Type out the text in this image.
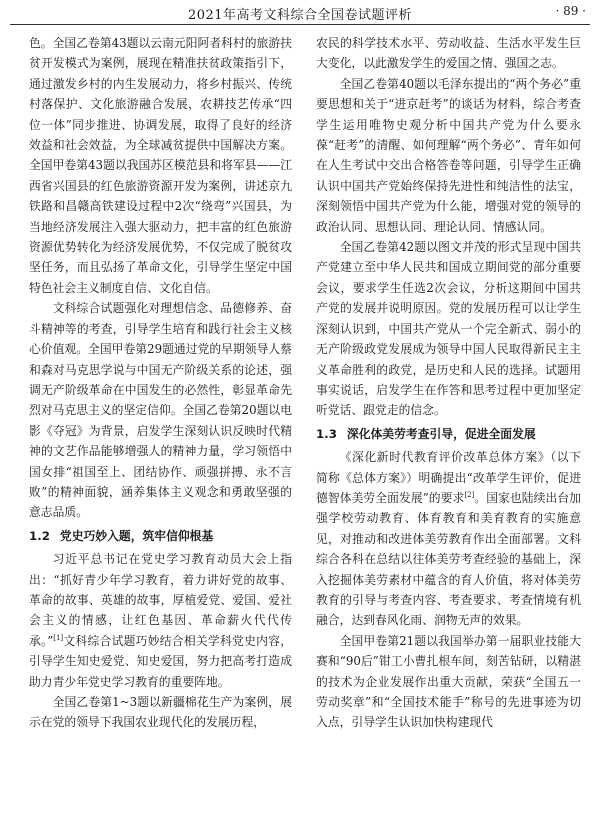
2021年高考文科综合全国卷试题评析	· 89 ·

色。全国乙卷第43题以云南元阳阿者科村的旅游扶贫开发模式为案例，展现在精准扶贫政策指引下，通过激发乡村的内生发展动力，将乡村振兴、传统村落保护、文化旅游融合发展，农耕技艺传承“四位一体”同步推进、协调发展，取得了良好的经济效益和社会效益，为全球减贫提供中国解决方案。全国甲卷第43题以我国苏区模范县和将军县——江西省兴国县的红色旅游资源开发为案例，讲述京九铁路和昌赣高铁建设过程中2次“绕弯”兴国县，为当地经济发展注入强大驱动力，把丰富的红色旅游资源优势转化为经济发展优势，不仅完成了脱贫攻坚任务，而且弘扬了革命文化，引导学生坚定中国特色社会主义制度自信、文化自信。

文科综合试题强化对理想信念、品德修养、奋斗精神等的考查，引导学生培育和践行社会主义核心价值观。全国甲卷第29题通过党的早期领导人蔡和森对马克思学说与中国无产阶级关系的论述，强调无产阶级革命在中国发生的必然性，彰显革命先烈对马克思主义的坚定信仰。全国乙卷第20题以电影《夺冠》为背景，启发学生深刻认识反映时代精神的文艺作品能够增强人的精神力量，学习领悟中国女排“祖国至上、团结协作、顽强拼搏、永不言败”的精神面貌，涵养集体主义观念和勇敢坚强的意志品质。

1.2 党史巧妙入题，筑牢信仰根基

习近平总书记在党史学习教育动员大会上指出：“抓好青少年学习教育，着力讲好党的故事、革命的故事、英雄的故事，厚植爱党、爱国、爱社会主义的情感，让红色基因、革命薪火代代传承。”[1]文科综合试题巧妙结合相关学科党史内容，引导学生知史爱党、知史爱国，努力把高考打造成助力青少年党史学习教育的重要阵地。

全国乙卷第1~3题以新疆棉花生产为案例，展示在党的领导下我国农业现代化的发展历程，

农民的科学技术水平、劳动收益、生活水平发生巨大变化，以此激发学生的爱国之情、强国之志。

全国乙卷第40题以毛泽东提出的“两个务必”重要思想和关于“进京赶考”的谈话为材料，综合考查学生运用唯物史观分析中国共产党为什么要永葆“赶考”的清醒、如何理解“两个务必”、青年如何在人生考试中交出合格答卷等问题，引导学生正确认识中国共产党始终保持先进性和纯洁性的法宝，深刻领悟中国共产党为什么能，增强对党的领导的政治认同、思想认同、理论认同、情感认同。

全国乙卷第42题以图文并茂的形式呈现中国共产党建立至中华人民共和国成立期间党的部分重要会议，要求学生任选2次会议，分析这期间中国共产党的发展并说明原因。党的发展历程可以让学生深刻认识到，中国共产党从一个完全新式、弱小的无产阶级政党发展成为领导中国人民取得新民主主义革命胜利的政党，是历史和人民的选择。试题用事实说话，启发学生在作答和思考过程中更加坚定听党话、跟党走的信念。

1.3 深化体美劳考查引导，促进全面发展

《深化新时代教育评价改革总体方案》（以下简称《总体方案》）明确提出“改革学生评价，促进德智体美劳全面发展”的要求[2]。国家也陆续出台加强学校劳动教育、体育教育和美育教育的实施意见，对推动和改进体美劳教育作出全面部署。文科综合各科在总结以往体美劳考查经验的基础上，深入挖掘体美劳素材中蕴含的育人价值，将对体美劳教育的引导与考查内容、考查要求、考查情境有机融合，达到春风化雨、润物无声的效果。

全国甲卷第21题以我国举办第一届职业技能大赛和“90后”钳工小曹扎根车间，刻苦钻研，以精湛的技术为企业发展作出重大贡献，荣获“全国五一劳动奖章”和“全国技术能手”称号的先进事迹为切入点，引导学生认识加快构建现代
